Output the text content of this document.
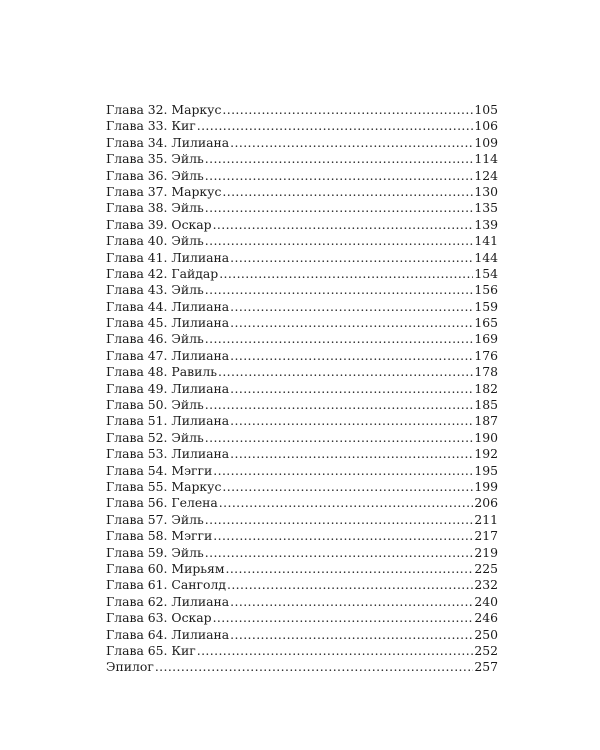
Глава 32. Маркус .....	105
Глава 33. Киг .....	106
Глава 34. Лилиана .....	109
Глава 35. Эйль .....	114
Глава 36. Эйль .....	124
Глава 37. Маркус .....	130
Глава 38. Эйль .....	135
Глава 39. Оскар .....	139
Глава 40. Эйль .....	141
Глава 41. Лилиана .....	144
Глава 42. Гайдар .....	154
Глава 43. Эйль .....	156
Глава 44. Лилиана .....	159
Глава 45. Лилиана .....	165
Глава 46. Эйль .....	169
Глава 47. Лилиана .....	176
Глава 48. Равиль .....	178
Глава 49. Лилиана .....	182
Глава 50. Эйль .....	185
Глава 51. Лилиана .....	187
Глава 52. Эйль .....	190
Глава 53. Лилиана .....	192
Глава 54. Мэгги .....	195
Глава 55. Маркус .....	199
Глава 56. Гелена .....	206
Глава 57. Эйль .....	211
Глава 58. Мэгги .....	217
Глава 59. Эйль .....	219
Глава 60. Мирьям .....	225
Глава 61. Санголд .....	232
Глава 62. Лилиана .....	240
Глава 63. Оскар .....	246
Глава 64. Лилиана .....	250
Глава 65. Киг .....	252
Эпилог .....	257
